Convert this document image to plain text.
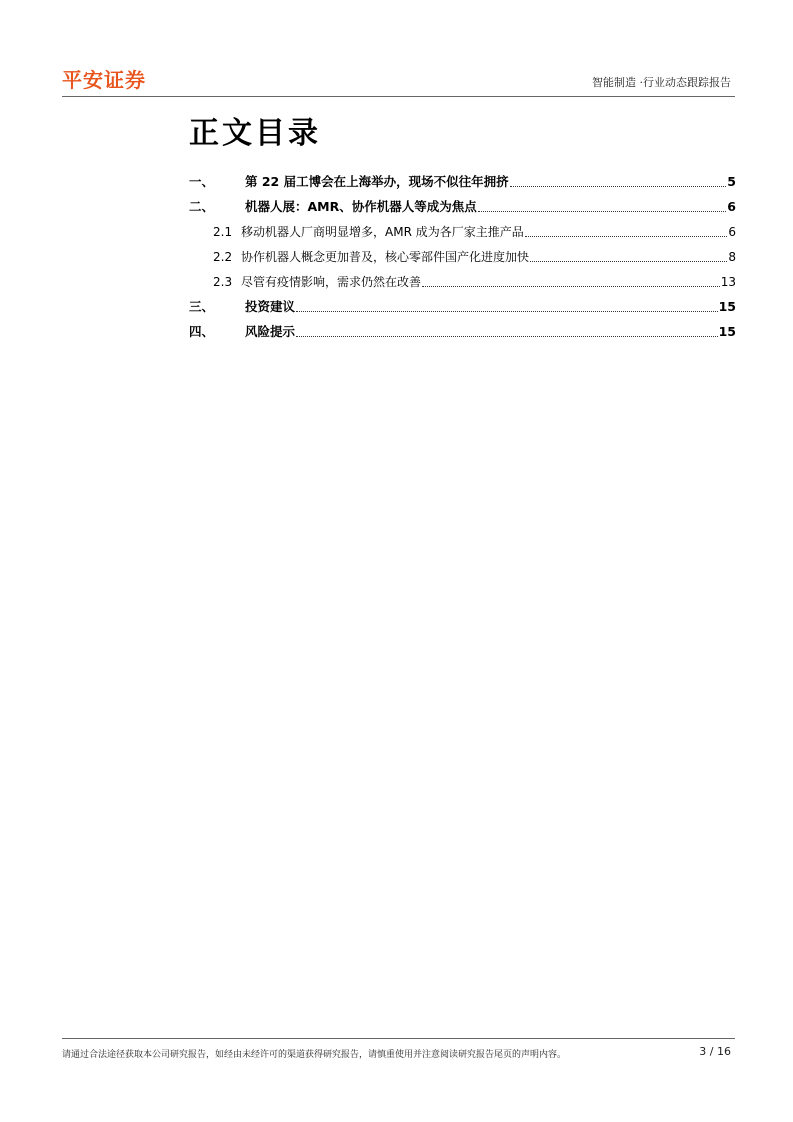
平安证券	智能制造 ·行业动态跟踪报告
正文目录
一、	第 22 届工博会在上海举办，现场不似往年拥挤	5
二、	机器人展：AMR、协作机器人等成为焦点	6
2.1 移动机器人厂商明显增多，AMR 成为各厂家主推产品	6
2.2 协作机器人概念更加普及，核心零部件国产化进度加快	8
2.3 尽管有疫情影响，需求仍然在改善	13
三、	投资建议	15
四、	风险提示	15
请通过合法途径获取本公司研究报告，如经由未经许可的渠道获得研究报告，请慎重使用并注意阅读研究报告尾页的声明内容。	3 / 16
